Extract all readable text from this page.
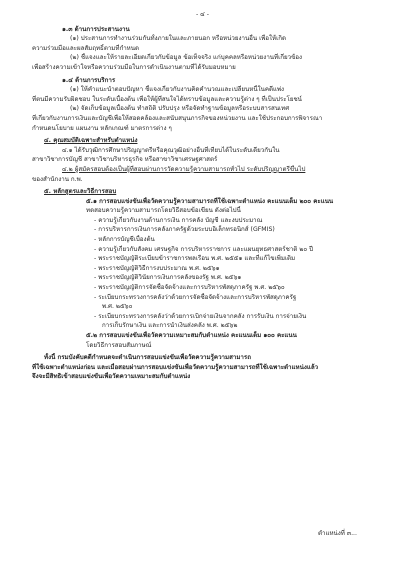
- ๔ -
๑.๓ ด้านการประสานงาน
(๑) ประสานการทำงานร่วมกันทั้งภายในและภายนอก หรือหน่วยงานอื่น เพื่อให้เกิด
ความร่วมมือและผลสัมฤทธิ์ตามที่กำหนด
(๒) ชี้แจงและให้รายละเอียดเกี่ยวกับข้อมูล ข้อเท็จจริง แก่บุคคลหรือหน่วยงานที่เกี่ยวข้อง
เพื่อสร้างความเข้าใจหรือความร่วมมือในการดำเนินงานตามที่ได้รับมอบหมาย
๑.๔ ด้านการบริการ
(๑) ให้คำแนะนำตอบปัญหา ชี้แจงเกี่ยวกับงานคิดคำนวณและเปลี่ยนหนี้ในคดีแพ่ง
ที่ตนมีความรับผิดชอบ ในระดับเบื้องต้น เพื่อให้ผู้ที่สนใจได้ทราบข้อมูลและความรู้ต่าง ๆ ที่เป็นประโยชน์
(๒) จัดเก็บข้อมูลเบื้องต้น ทำสถิติ ปรับปรุง หรือจัดทำฐานข้อมูลหรือระบบสารสนเทศ
ที่เกี่ยวกับงานการเงินและบัญชีเพื่อให้สอดคล้องและสนับสนุนภารกิจของหน่วยงาน และใช้ประกอบการพิจารณา
กำหนดนโยบาย แผนงาน หลักเกณฑ์ มาตรการต่าง ๆ
๔. คุณสมบัติเฉพาะสำหรับตำแหน่ง
๔.๑ ได้รับวุฒิการศึกษาปริญญาตรีหรือคุณวุฒิอย่างอื่นที่เทียบได้ในระดับเดียวกันใน
สาขาวิชาการบัญชี สาขาวิชาบริหารธุรกิจ หรือสาขาวิชาเศรษฐศาสตร์
๔.๒ ผู้สมัครสอบต้องเป็นผู้ที่สอบผ่านการวัดความรู้ความสามารถทั่วไป ระดับปริญญาตรีขึ้นไป
ของสำนักงาน ก.พ.
๕. หลักสูตรและวิธีการสอบ
๕.๑ การสอบแข่งขันเพื่อวัดความรู้ความสามารถที่ใช้เฉพาะตำแหน่ง คะแนนเต็ม ๒๐๐ คะแนน
ทดสอบความรู้ความสามารถโดยวิธีสอบข้อเขียน ดังต่อไปนี้
- ความรู้เกี่ยวกับงานด้านการเงิน การคลัง บัญชี และงบประมาณ
- การบริหารการเงินการคลังภาครัฐด้วยระบบอิเล็กทรอนิกส์ (GFMIS)
- หลักการบัญชีเบื้องต้น
- ความรู้เกี่ยวกับสังคม เศรษฐกิจ การบริหารราชการ และแผนยุทธศาสตร์ชาติ ๒๐ ปี
- พระราชบัญญัติระเบียบข้าราชการพลเรือน พ.ศ. ๒๕๕๑ และที่แก้ไขเพิ่มเติม
- พระราชบัญญัติวิธีการงบประมาณ พ.ศ. ๒๕๖๑
- พระราชบัญญัติวินัยการเงินการคลังของรัฐ พ.ศ. ๒๕๖๑
- พระราชบัญญัติการจัดซื้อจัดจ้างและการบริหารพัสดุภาครัฐ พ.ศ. ๒๕๖๐
- ระเบียบกระทรวงการคลังว่าด้วยการจัดซื้อจัดจ้างและการบริหารพัสดุภาครัฐ
พ.ศ. ๒๕๖๐
- ระเบียบกระทรวงการคลังว่าด้วยการเบิกจ่ายเงินจากคลัง การรับเงิน การจ่ายเงิน
การเก็บรักษาเงิน และการนำเงินส่งคลัง พ.ศ. ๒๕๖๒
๕.๒ การสอบแข่งขันเพื่อวัดความเหมาะสมกับตำแหน่ง คะแนนเต็ม ๑๐๐ คะแนน
โดยวิธีการสอบสัมภาษณ์
ทั้งนี้ กรมบังคับคดีกำหนดจะดำเนินการสอบแข่งขันเพื่อวัดความรู้ความสามารถ
ที่ใช้เฉพาะตำแหน่งก่อน และเมื่อสอบผ่านการสอบแข่งขันเพื่อวัดความรู้ความสามารถที่ใช้เฉพาะตำแหน่งแล้ว
จึงจะมีสิทธิเข้าสอบแข่งขันเพื่อวัดความเหมาะสมกับตำแหน่ง
ตำแหน่งที่ ๓...
